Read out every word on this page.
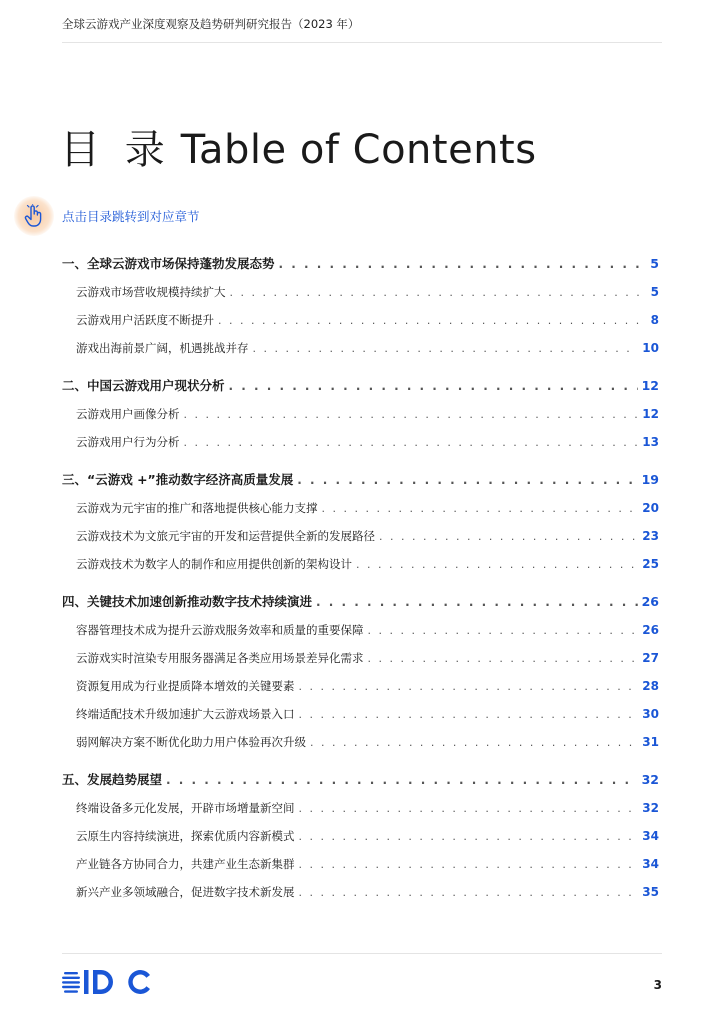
全球云游戏产业深度观察及趋势研判研究报告（2023 年）
目 录 Table of Contents
点击目录跳转到对应章节
一、全球云游戏市场保持蓬勃发展态势 . . .	5
云游戏市场营收规模持续扩大 . . .	5
云游戏用户活跃度不断提升 . . .	8
游戏出海前景广阔，机遇挑战并存 . . .	10
二、中国云游戏用户现状分析 . . .	12
云游戏用户画像分析 . . .	12
云游戏用户行为分析 . . .	13
三、“云游戏 +”推动数字经济高质量发展 . . .	19
云游戏为元宇宙的推广和落地提供核心能力支撑 . . .	20
云游戏技术为文旅元宇宙的开发和运营提供全新的发展路径 . . .	23
云游戏技术为数字人的制作和应用提供创新的架构设计 . . .	25
四、关键技术加速创新推动数字技术持续演进 . . .	26
容器管理技术成为提升云游戏服务效率和质量的重要保障 . . .	26
云游戏实时渲染专用服务器满足各类应用场景差异化需求 . . .	27
资源复用成为行业提质降本增效的关键要素 . . .	28
终端适配技术升级加速扩大云游戏场景入口 . . .	30
弱网解决方案不断优化助力用户体验再次升级 . . .	31
五、发展趋势展望 . . .	32
终端设备多元化发展，开辟市场增量新空间 . . .	32
云原生内容持续演进，探索优质内容新模式 . . .	34
产业链各方协同合力，共建产业生态新集群 . . .	34
新兴产业多领域融合，促进数字技术新发展 . . .	35
3
